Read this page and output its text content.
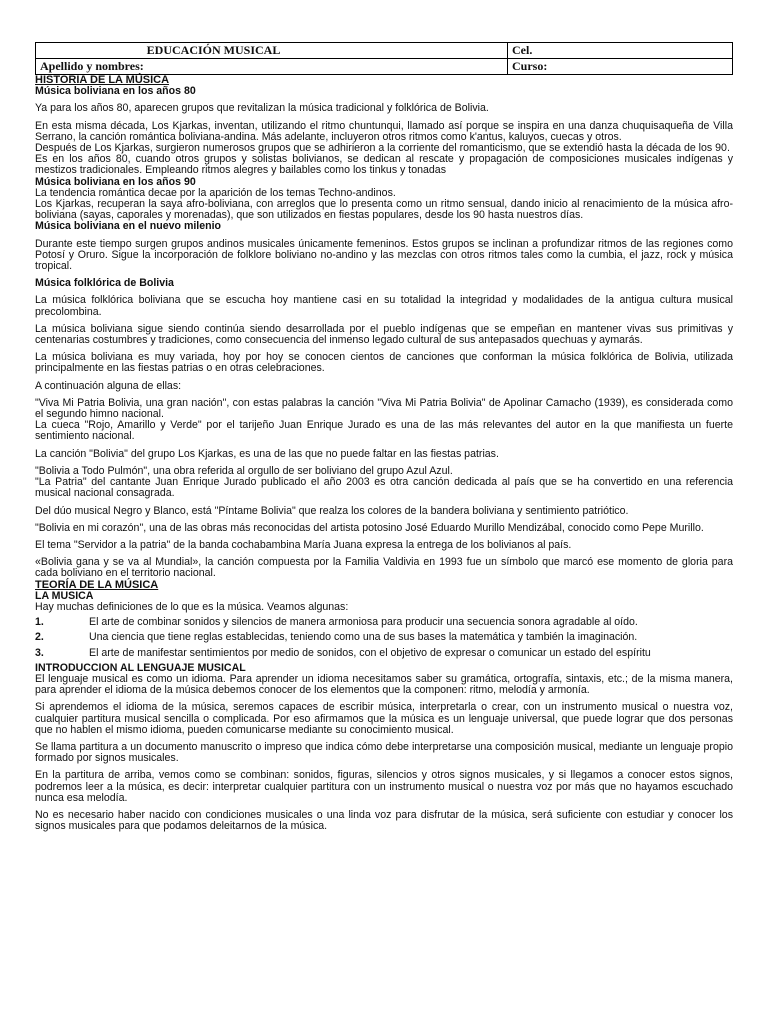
EDUCACIÓN MUSICAL	Cel.
Apellido y nombres:	Curso:

HISTORIA DE LA MÚSICA

Música boliviana en los años 80

Ya para los años 80, aparecen grupos que revitalizan la música tradicional y folklórica de Bolivia.

En esta misma década, Los Kjarkas, inventan, utilizando el ritmo chuntunqui, llamado así porque se inspira en una danza chuquisaqueña de Villa Serrano, la canción romántica boliviana-andina. Más adelante, incluyeron otros ritmos como k'antus, kaluyos, cuecas y otros.

Después de Los Kjarkas, surgieron numerosos grupos que se adhirieron a la corriente del romanticismo, que se extendió hasta la década de los 90.

Es en los años 80, cuando otros grupos y solistas bolivianos, se dedican al rescate y propagación de composiciones musicales indígenas y mestizos tradicionales. Empleando ritmos alegres y bailables como los tinkus y tonadas

Música boliviana en los años 90

La tendencia romántica decae por la aparición de los temas Techno-andinos.

Los Kjarkas, recuperan la saya afro-boliviana, con arreglos que lo presenta como un ritmo sensual, dando inicio al renacimiento de la música afro-boliviana (sayas, caporales y morenadas), que son utilizados en fiestas populares, desde los 90 hasta nuestros días.

Música boliviana en el nuevo milenio

Durante este tiempo surgen grupos andinos musicales únicamente femeninos. Estos grupos se inclinan a profundizar ritmos de las regiones como Potosí y Oruro. Sigue la incorporación de folklore boliviano no-andino y las mezclas con otros ritmos tales como la cumbia, el jazz, rock y música tropical.

Música folklórica de Bolivia

La música folklórica boliviana que se escucha hoy mantiene casi en su totalidad la integridad y modalidades de la antigua cultura musical precolombina.

La música boliviana sigue siendo continúa siendo desarrollada por el pueblo indígenas que se empeñan en mantener vivas sus primitivas y centenarias costumbres y tradiciones, como consecuencia del inmenso legado cultural de sus antepasados quechuas y aymarás.

La música boliviana es muy variada, hoy por hoy se conocen cientos de canciones que conforman la música folklórica de Bolivia, utilizada principalmente en las fiestas patrias o en otras celebraciones.

A continuación alguna de ellas:

"Viva Mi Patria Bolivia, una gran nación", con estas palabras la canción "Viva Mi Patria Bolivia" de Apolinar Camacho (1939), es considerada como el segundo himno nacional.

La cueca "Rojo, Amarillo y Verde" por el tarijeño Juan Enrique Jurado es una de las más relevantes del autor en la que manifiesta un fuerte sentimiento nacional.

La canción "Bolivia" del grupo Los Kjarkas, es una de las que no puede faltar en las fiestas patrias.

"Bolivia a Todo Pulmón", una obra referida al orgullo de ser boliviano del grupo Azul Azul.

"La Patria" del cantante Juan Enrique Jurado publicado el año 2003 es otra canción dedicada al país que se ha convertido en una referencia musical nacional consagrada.

Del dúo musical Negro y Blanco, está "Píntame Bolivia" que realza los colores de la bandera boliviana y sentimiento patriótico.

"Bolivia en mi corazón", una de las obras más reconocidas del artista potosino José Eduardo Murillo Mendizábal, conocido como Pepe Murillo.

El tema "Servidor a la patria" de la banda cochabambina María Juana expresa la entrega de los bolivianos al país.

«Bolivia gana y se va al Mundial», la canción compuesta por la Familia Valdivia en 1993 fue un símbolo que marcó ese momento de gloria para cada boliviano en el territorio nacional.

TEORÍA DE LA MÚSICA

LA MUSICA

Hay muchas definiciones de lo que es la música. Veamos algunas:

1.	El arte de combinar sonidos y silencios de manera armoniosa para producir una secuencia sonora agradable al oído.
2.	Una ciencia que tiene reglas establecidas, teniendo como una de sus bases la matemática y también la imaginación.
3.	El arte de manifestar sentimientos por medio de sonidos, con el objetivo de expresar o comunicar un estado del espíritu

INTRODUCCION AL LENGUAJE MUSICAL

El lenguaje musical es como un idioma. Para aprender un idioma necesitamos saber su gramática, ortografía, sintaxis, etc.; de la misma manera, para aprender el idioma de la música debemos conocer de los elementos que la componen: ritmo, melodía y armonía.

Si aprendemos el idioma de la música, seremos capaces de escribir música, interpretarla o crear, con un instrumento musical o nuestra voz, cualquier partitura musical sencilla o complicada. Por eso afirmamos que la música es un lenguaje universal, que puede lograr que dos personas que no hablen el mismo idioma, pueden comunicarse mediante su conocimiento musical.

Se llama partitura a un documento manuscrito o impreso que indica cómo debe interpretarse una composición musical, mediante un lenguaje propio formado por signos musicales.

En la partitura de arriba, vemos como se combinan: sonidos, figuras, silencios y otros signos musicales, y si llegamos a conocer estos signos, podremos leer a la música, es decir: interpretar cualquier partitura con un instrumento musical o nuestra voz por más que no hayamos escuchado nunca esa melodía.

No es necesario haber nacido con condiciones musicales o una linda voz para disfrutar de la música, será suficiente con estudiar y conocer los signos musicales para que podamos deleitarnos de la música.
